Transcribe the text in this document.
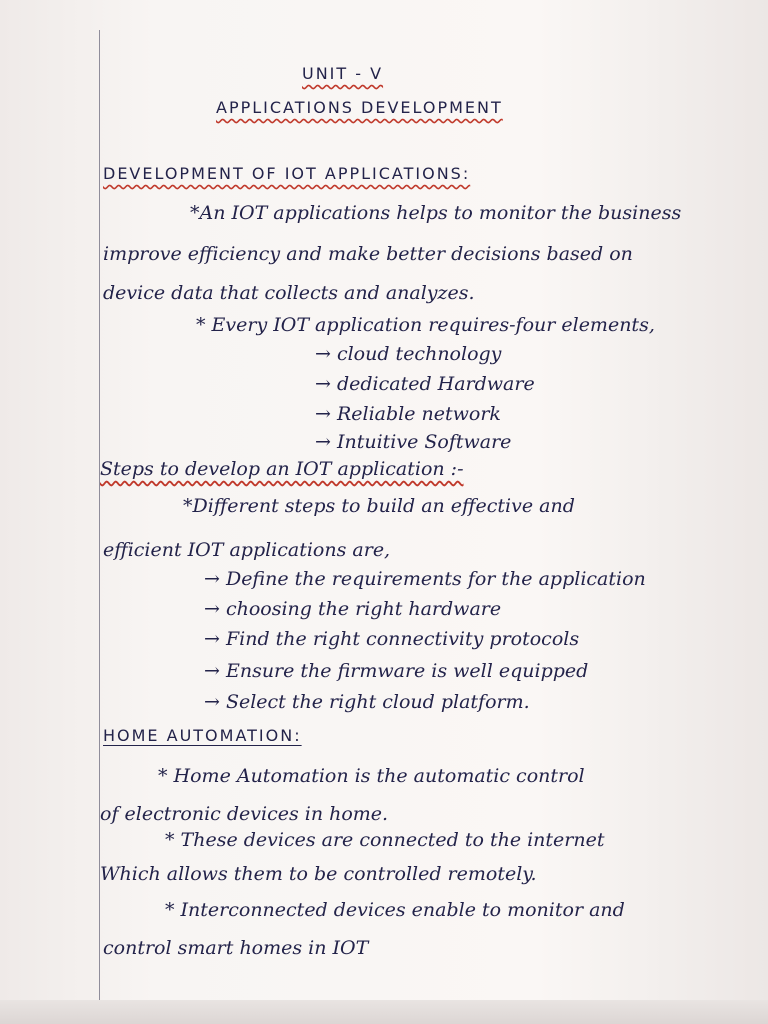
UNIT - V
APPLICATIONS DEVELOPMENT
DEVELOPMENT OF IOT APPLICATIONS:
*An IOT applications helps to monitor the business
improve efficiency and make better decisions based on
device data that collects and analyzes.
* Every IOT application requires-four elements,
→ cloud technology
→ dedicated Hardware
→ Reliable network
→ Intuitive Software
Steps to develop an IOT application :-
*Different steps to build an effective and
efficient IOT applications are,
→ Define the requirements for the application
→ choosing the right hardware
→ Find the right connectivity protocols
→ Ensure the firmware is well equipped
→ Select the right cloud platform.
HOME AUTOMATION:
* Home Automation is the automatic control
of electronic devices in home.
* These devices are connected to the internet
Which allows them to be controlled remotely.
* Interconnected devices enable to monitor and
control smart homes in IOT
